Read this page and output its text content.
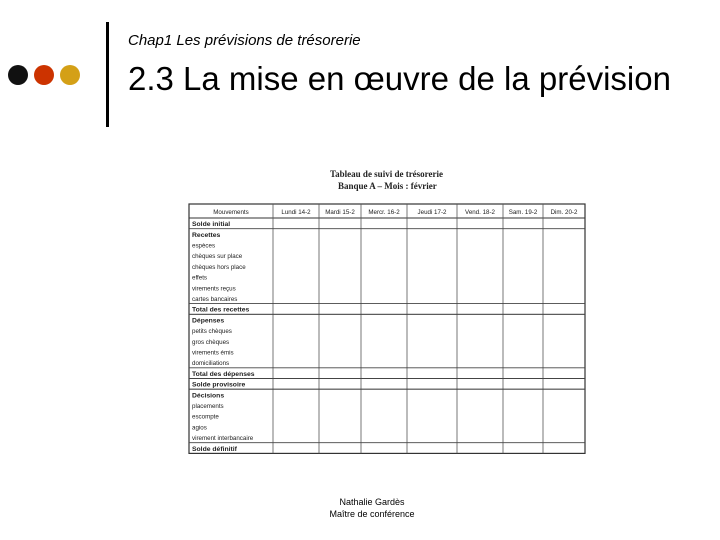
Chap1 Les prévisions de trésorerie
2.3 La mise en œuvre de la prévision
Tableau de suivi de trésorerie
Banque A – Mois : février
Mouvements	Lundi 14-2 Mardi 15-2 Mercr. 16-2	Jeudi 17-2	Vend. 18-2 Sam. 19-2 Dim. 20-2
Solde initial
Recettes
espèces
chèques sur place
chèques hors place
effets
virements reçus
cartes bancaires
Total des recettes
Dépenses
petits chèques
gros chèques
virements émis
domiciliations
Total des dépenses
Solde provisoire
Décisions
placements
escompte
agios
virement interbancaire
Solde définitif
Nathalie Gardès
Maître de conférence
